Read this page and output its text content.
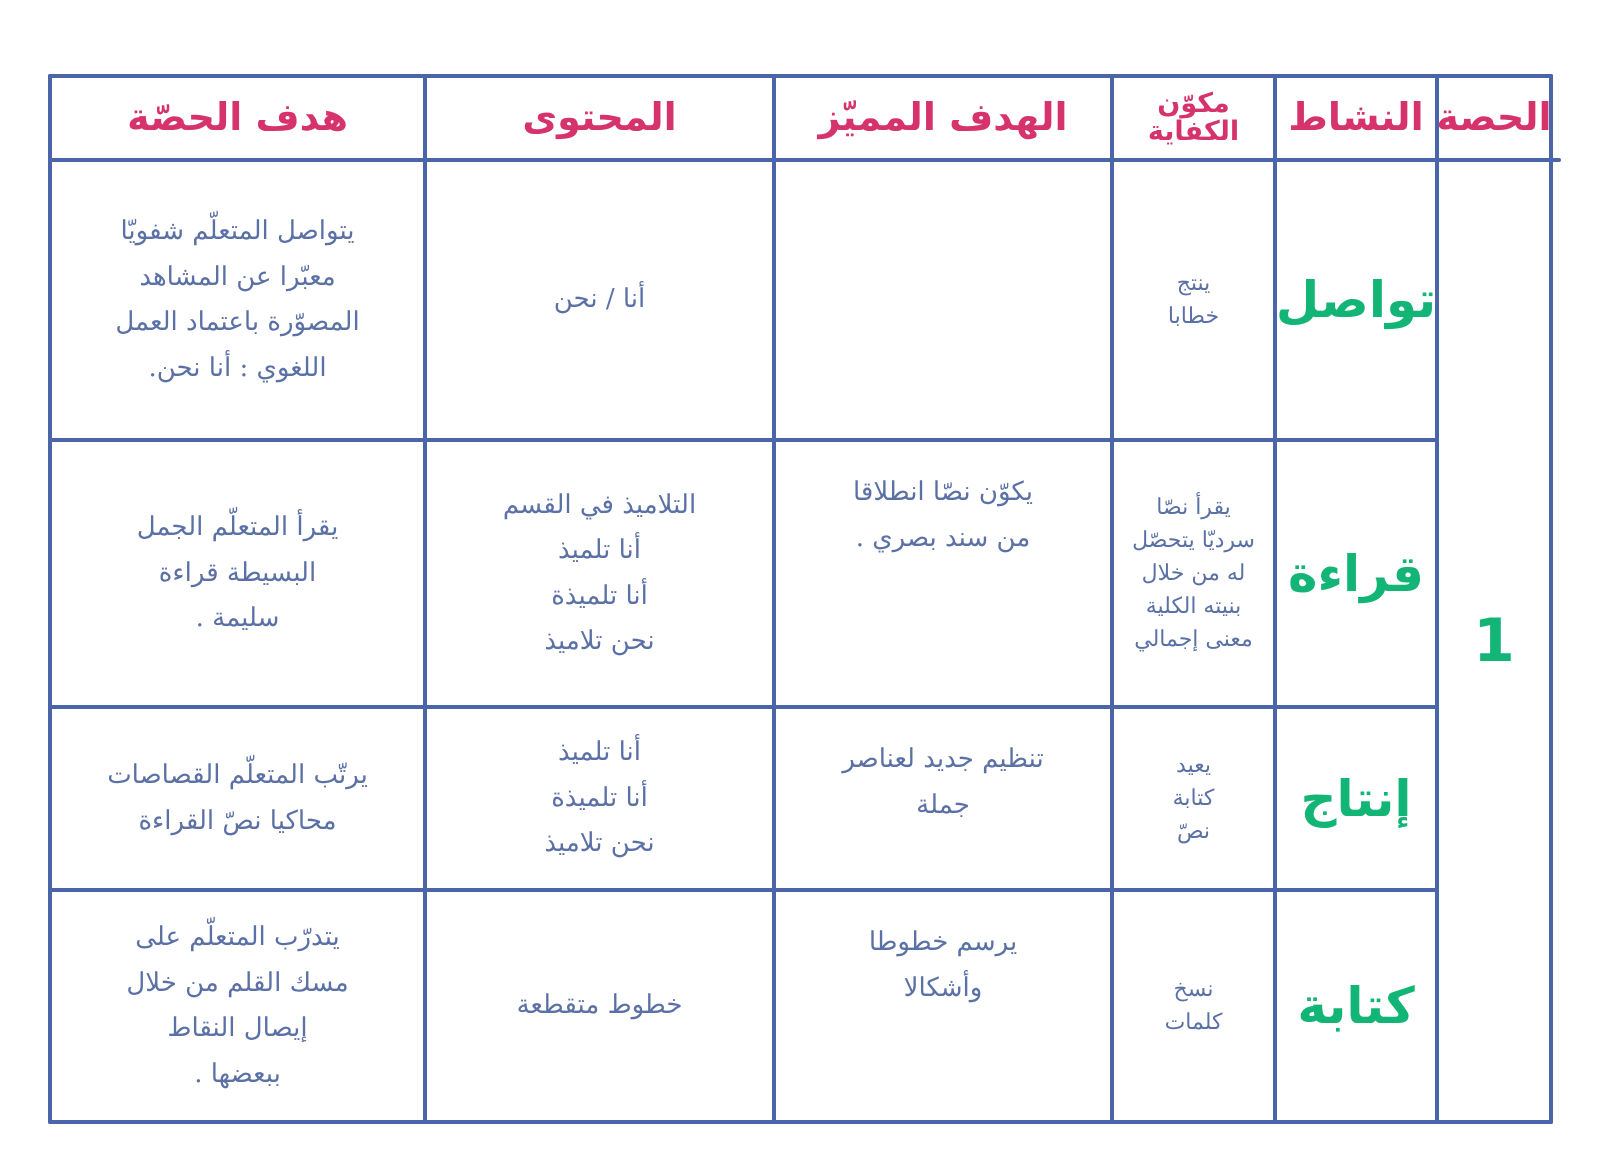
الحصة
النشاط
مكوّن
الكفاية
الهدف المميّز
المحتوى
هدف الحصّة
1
تواصل
ينتج
خطابا
أنا / نحن
يتواصل المتعلّم شفويّا
معبّرا عن المشاهد
المصوّرة باعتماد العمل
اللغوي : أنا نحن.
قراءة
يقرأ نصّا
سرديّا يتحصّل
له من خلال
بنيته الكلية
معنى إجمالي
يكوّن نصّا انطلاقا
من سند بصري .
التلاميذ في القسم
أنا تلميذ
أنا تلميذة
نحن تلاميذ
يقرأ المتعلّم الجمل
البسيطة قراءة
سليمة .
إنتاج
يعيد
كتابة
نصّ
تنظيم جديد لعناصر
جملة
أنا تلميذ
أنا تلميذة
نحن تلاميذ
يرتّب المتعلّم القصاصات
محاكيا نصّ القراءة
كتابة
نسخ
كلمات
يرسم خطوطا
وأشكالا
خطوط متقطعة
يتدرّب المتعلّم على
مسك القلم من خلال
إيصال النقاط
ببعضها .
